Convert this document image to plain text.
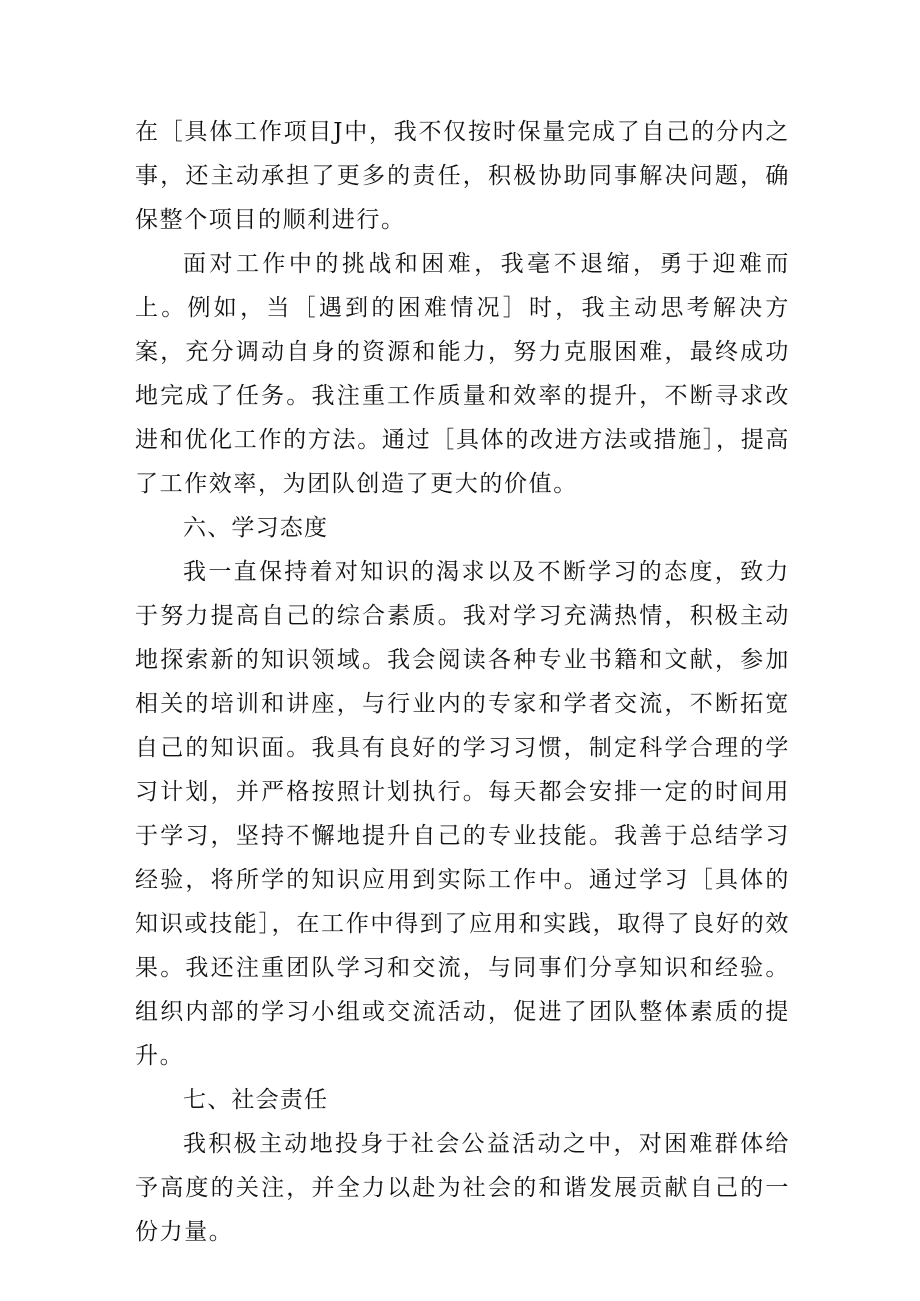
在［具体工作项目J中，我不仅按时保量完成了自己的分内之事，还主动承担了更多的责任，积极协助同事解决问题，确保整个项目的顺利进行。

面对工作中的挑战和困难，我毫不退缩，勇于迎难而上。例如，当［遇到的困难情况］时，我主动思考解决方案，充分调动自身的资源和能力，努力克服困难，最终成功地完成了任务。我注重工作质量和效率的提升，不断寻求改进和优化工作的方法。通过［具体的改进方法或措施］，提高了工作效率，为团队创造了更大的价值。

六、学习态度

我一直保持着对知识的渴求以及不断学习的态度，致力于努力提高自己的综合素质。我对学习充满热情，积极主动地探索新的知识领域。我会阅读各种专业书籍和文献，参加相关的培训和讲座，与行业内的专家和学者交流，不断拓宽自己的知识面。我具有良好的学习习惯，制定科学合理的学习计划，并严格按照计划执行。每天都会安排一定的时间用于学习，坚持不懈地提升自己的专业技能。我善于总结学习经验，将所学的知识应用到实际工作中。通过学习［具体的知识或技能］，在工作中得到了应用和实践，取得了良好的效果。我还注重团队学习和交流，与同事们分享知识和经验。组织内部的学习小组或交流活动，促进了团队整体素质的提升。

七、社会责任

我积极主动地投身于社会公益活动之中，对困难群体给予高度的关注，并全力以赴为社会的和谐发展贡献自己的一份力量。
